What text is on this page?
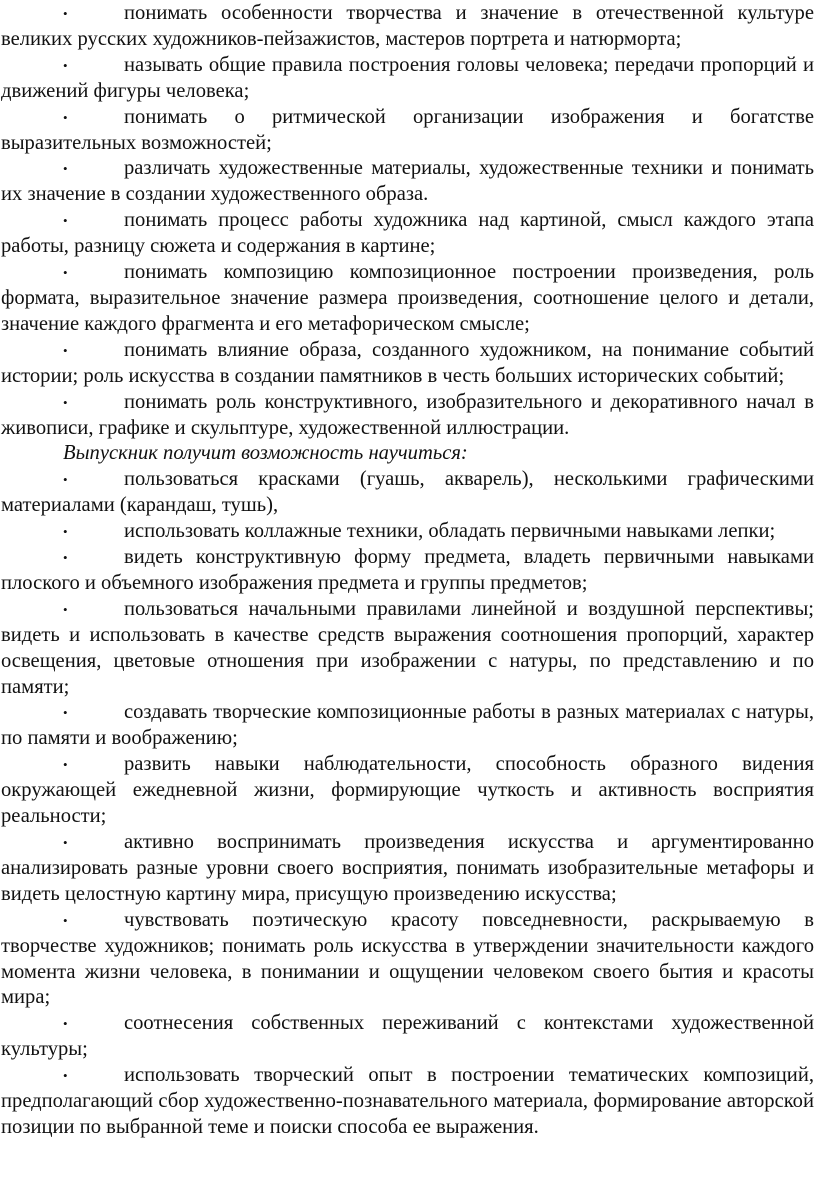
•	понимать особенности творчества и значение в отечественной культуре великих русских художников-пейзажистов, мастеров портрета и натюрморта;

•	называть общие правила построения головы человека; передачи пропорций и движений фигуры человека;

•	понимать о ритмической организации изображения и богатстве выразительных возможностей;

•	различать художественные материалы, художественные техники и понимать их значение в создании художественного образа.

•	понимать процесс работы художника над картиной, смысл каждого этапа работы, разницу сюжета и содержания в картине;

•	понимать композицию композиционное построении произведения, роль формата, выразительное значение размера произведения, соотношение целого и детали, значение каждого фрагмента и его метафорическом смысле;

•	понимать влияние образа, созданного художником, на понимание событий истории; роль искусства в создании памятников в честь больших исторических событий;

•	понимать роль конструктивного, изобразительного и декоративного начал в живописи, графике и скульптуре, художественной иллюстрации.

Выпускник получит возможность научиться:

•	пользоваться красками (гуашь, акварель), несколькими графическими материалами (карандаш, тушь),

•	использовать коллажные техники, обладать первичными навыками лепки;

•	видеть конструктивную форму предмета, владеть первичными навыками плоского и объемного изображения предмета и группы предметов;

•	пользоваться начальными правилами линейной и воздушной перспективы; видеть и использовать в качестве средств выражения соотношения пропорций, характер освещения, цветовые отношения при изображении с натуры, по представлению и по памяти;

•	создавать творческие композиционные работы в разных материалах с натуры, по памяти и воображению;

•	развить навыки наблюдательности, способность образного видения окружающей ежедневной жизни, формирующие чуткость и активность восприятия реальности;

•	активно воспринимать произведения искусства и аргументированно анализировать разные уровни своего восприятия, понимать изобразительные метафоры и видеть целостную картину мира, присущую произведению искусства;

•	чувствовать поэтическую красоту повседневности, раскрываемую в творчестве художников; понимать роль искусства в утверждении значительности каждого момента жизни человека, в понимании и ощущении человеком своего бытия и красоты мира;

•	соотнесения собственных переживаний с контекстами художественной культуры;

•	использовать творческий опыт в построении тематических композиций, предполагающий сбор художественно-познавательного материала, формирование авторской позиции по выбранной теме и поиски способа ее выражения.
